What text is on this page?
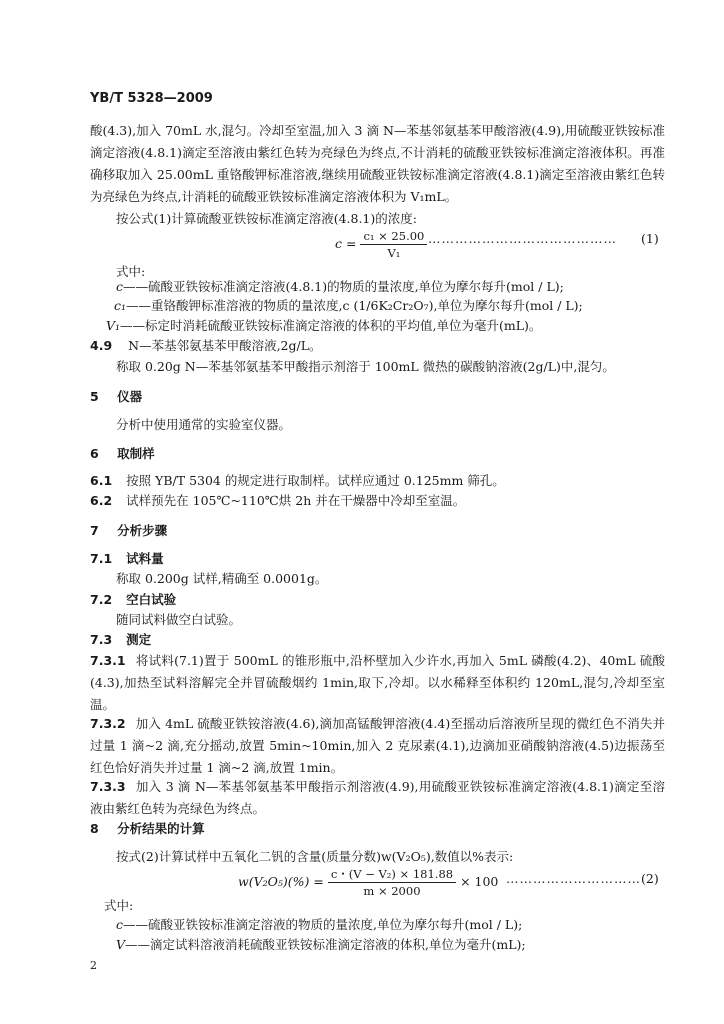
YB/T 5328—2009
酸(4.3),加入 70mL 水,混匀。冷却至室温,加入 3 滴 N—苯基邻氨基苯甲酸溶液(4.9),用硫酸亚铁铵标准滴定溶液(4.8.1)滴定至溶液由紫红色转为亮绿色为终点,不计消耗的硫酸亚铁铵标准滴定溶液体积。再准确移取加入 25.00mL 重铬酸钾标准溶液,继续用硫酸亚铁铵标准滴定溶液(4.8.1)滴定至溶液由紫红色转为亮绿色为终点,计消耗的硫酸亚铁铵标准滴定溶液体积为 V₁mL。
按公式(1)计算硫酸亚铁铵标准滴定溶液(4.8.1)的浓度:
$c = \frac{\text{c₁ × 25.00}}{\text{V₁}}$ …………………………………… (1)
式中:
c——硫酸亚铁铵标准滴定溶液(4.8.1)的物质的量浓度,单位为摩尔每升(mol / L);
c₁——重铬酸钾标准溶液的物质的量浓度,c (1/6K₂Cr₂O₇),单位为摩尔每升(mol / L);
V₁——标定时消耗硫酸亚铁铵标准滴定溶液的体积的平均值,单位为毫升(mL)。
4.9 N—苯基邻氨基苯甲酸溶液,2g/L。
称取 0.20g N—苯基邻氨基苯甲酸指示剂溶于 100mL 微热的碳酸钠溶液(2g/L)中,混匀。
5 仪器
分析中使用通常的实验室仪器。
6 取制样
6.1 按照 YB/T 5304 的规定进行取制样。试样应通过 0.125mm 筛孔。
6.2 试样预先在 105℃~110℃烘 2h 并在干燥器中冷却至室温。
7 分析步骤
7.1 试料量
称取 0.200g 试样,精确至 0.0001g。
7.2 空白试验
随同试料做空白试验。
7.3 测定
7.3.1 将试料(7.1)置于 500mL 的锥形瓶中,沿杯壁加入少许水,再加入 5mL 磷酸(4.2)、40mL 硫酸(4.3),加热至试料溶解完全并冒硫酸烟约 1min,取下,冷却。以水稀释至体积约 120mL,混匀,冷却至室温。
7.3.2 加入 4mL 硫酸亚铁铵溶液(4.6),滴加高锰酸钾溶液(4.4)至摇动后溶液所呈现的微红色不消失并过量 1 滴~2 滴,充分摇动,放置 5min~10min,加入 2 克尿素(4.1),边滴加亚硝酸钠溶液(4.5)边振荡至红色恰好消失并过量 1 滴~2 滴,放置 1min。
7.3.3 加入 3 滴 N—苯基邻氨基苯甲酸指示剂溶液(4.9),用硫酸亚铁铵标准滴定溶液(4.8.1)滴定至溶液由紫红色转为亮绿色为终点。
8 分析结果的计算
按式(2)计算试样中五氧化二钒的含量(质量分数)w(V₂O₅),数值以%表示:
$w(V_2O_5)(\%) = \frac{\text{c・(V − V₂) × 181.88}}{m \times 2000} \times 100$ ………………………… (2)
式中:
c——硫酸亚铁铵标准滴定溶液的物质的量浓度,单位为摩尔每升(mol / L);
V——滴定试料溶液消耗硫酸亚铁铵标准滴定溶液的体积,单位为毫升(mL);
2
